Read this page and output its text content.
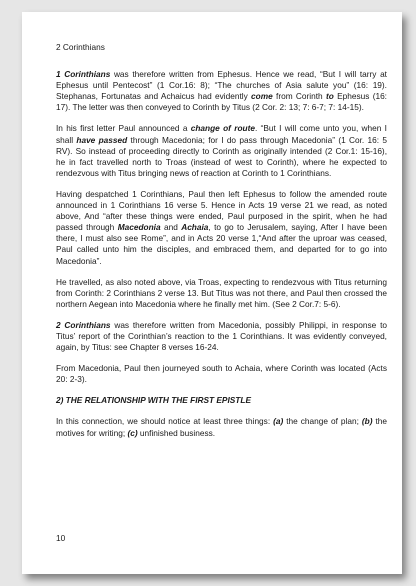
2 Corinthians

1 Corinthians was therefore written from Ephesus. Hence we read, “But I will tarry at Ephesus until Pentecost” (1 Cor.16: 8); “The churches of Asia salute you” (16: 19). Stephanas, Fortunatas and Achaicus had evidently come from Corinth to Ephesus (16: 17). The letter was then conveyed to Corinth by Titus (2 Cor. 2: 13; 7: 6-7; 7: 14-15).

In his first letter Paul announced a change of route. “But I will come unto you, when I shall have passed through Macedonia; for I do pass through Macedonia” (1 Cor. 16: 5 RV). So instead of proceeding directly to Corinth as originally intended (2 Cor.1: 15-16), he in fact travelled north to Troas (instead of west to Corinth), where he expected to rendezvous with Titus bringing news of reaction at Corinth to 1 Corinthians.

Having despatched 1 Corinthians, Paul then left Ephesus to follow the amended route announced in 1 Corinthians 16 verse 5. Hence in Acts 19 verse 21 we read, as noted above, And “after these things were ended, Paul purposed in the spirit, when he had passed through Macedonia and Achaia, to go to Jerusalem, saying, After I have been there, I must also see Rome”, and in Acts 20 verse 1,“And after the uproar was ceased, Paul called unto him the disciples, and embraced them, and departed for to go into Macedonia”.

He travelled, as also noted above, via Troas, expecting to rendezvous with Titus returning from Corinth: 2 Corinthians 2 verse 13. But Titus was not there, and Paul then crossed the northern Aegean into Macedonia where he finally met him. (See 2 Cor.7: 5-6).

2 Corinthians was therefore written from Macedonia, possibly Philippi, in response to Titus’ report of the Corinthian’s reaction to the 1 Corinthians. It was evidently conveyed, again, by Titus: see Chapter 8 verses 16-24.

From Macedonia, Paul then journeyed south to Achaia, where Corinth was located (Acts 20: 2-3).

2) THE RELATIONSHIP WITH THE FIRST EPISTLE

In this connection, we should notice at least three things: (a) the change of plan; (b) the motives for writing; (c) unfinished business.

10
